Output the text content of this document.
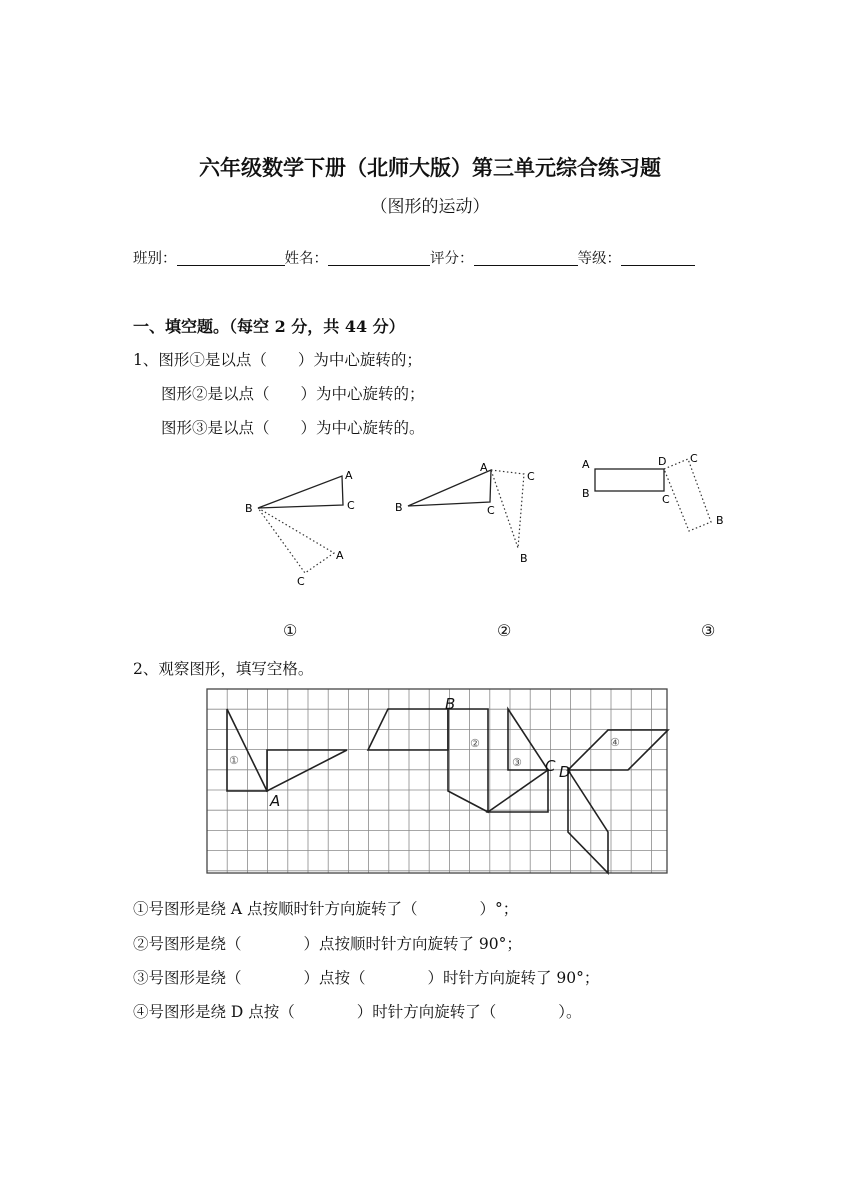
六年级数学下册（北师大版）第三单元综合练习题
（图形的运动）
班别：	姓名：	评分：	等级：
一、填空题。（每空 2 分，共 44 分）
1、图形①是以点（　　）为中心旋转的；
图形②是以点（　　）为中心旋转的；
图形③是以点（　　）为中心旋转的。
A
C
B
A
C
A
B	C
C
B
A
B
D
C
C
B
①	②	③
2、观察图形，填写空格。
A
B
C D
①
②
③
④
①号图形是绕 A 点按顺时针方向旋转了（　　　　）°；
②号图形是绕（　　　　）点按顺时针方向旋转了 90°；
③号图形是绕（　　　　）点按（　　　　）时针方向旋转了 90°；
④号图形是绕 D 点按（　　　　）时针方向旋转了（　　　　）。
